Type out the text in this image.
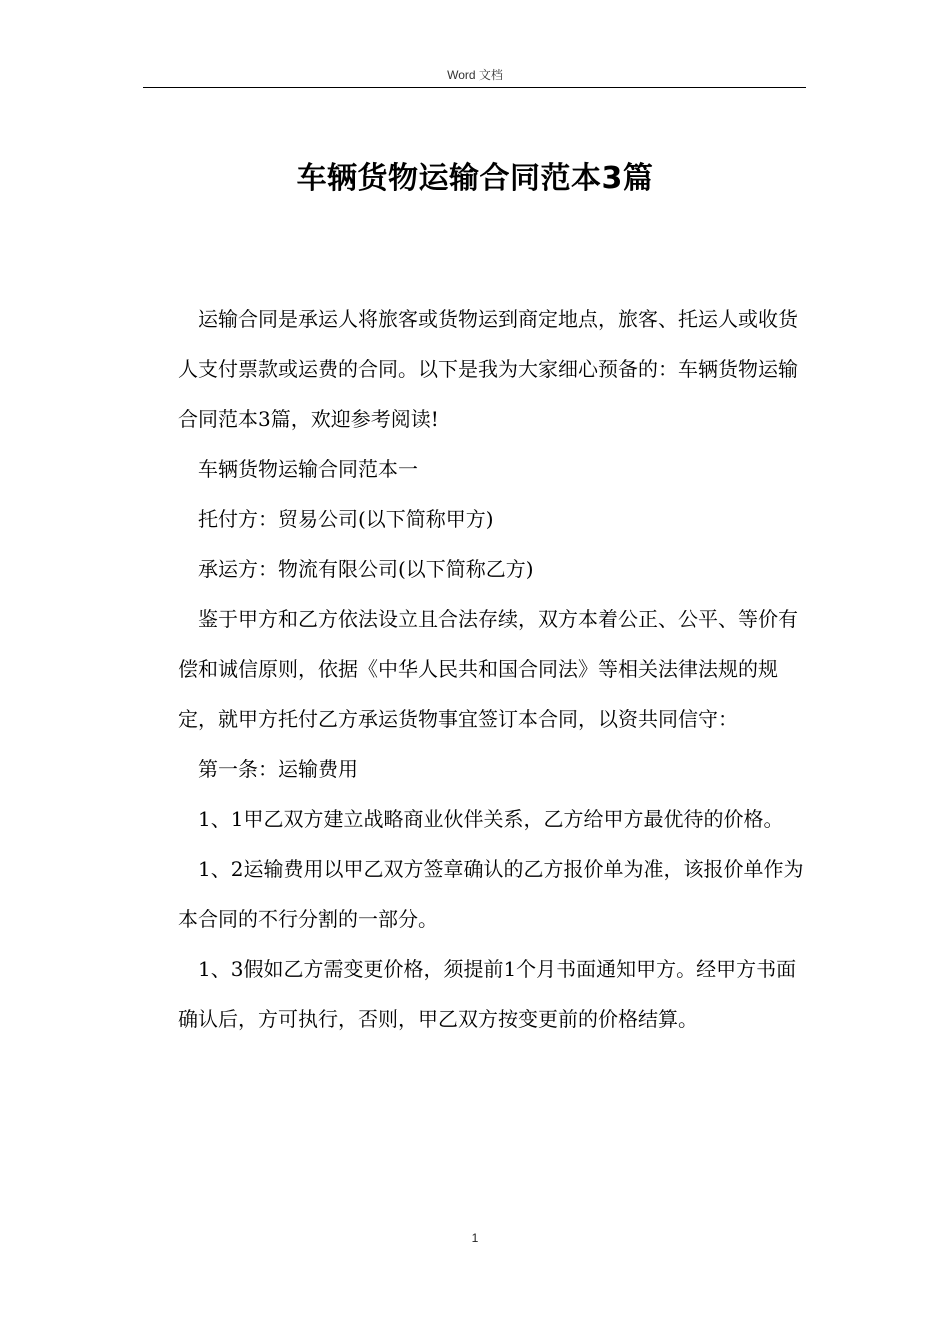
Word 文档
车辆货物运输合同范本3篇

运输合同是承运人将旅客或货物运到商定地点，旅客、托运人或收货人支付票款或运费的合同。以下是我为大家细心预备的：车辆货物运输合同范本3篇，欢迎参考阅读!

车辆货物运输合同范本一

托付方：贸易公司(以下简称甲方)

承运方：物流有限公司(以下简称乙方)

鉴于甲方和乙方依法设立且合法存续，双方本着公正、公平、等价有偿和诚信原则，依据《中华人民共和国合同法》等相关法律法规的规定，就甲方托付乙方承运货物事宜签订本合同，以资共同信守：

第一条：运输费用

1、1甲乙双方建立战略商业伙伴关系，乙方给甲方最优待的价格。

1、2运输费用以甲乙双方签章确认的乙方报价单为准，该报价单作为本合同的不行分割的一部分。

1、3假如乙方需变更价格，须提前1个月书面通知甲方。经甲方书面确认后，方可执行，否则，甲乙双方按变更前的价格结算。

1
